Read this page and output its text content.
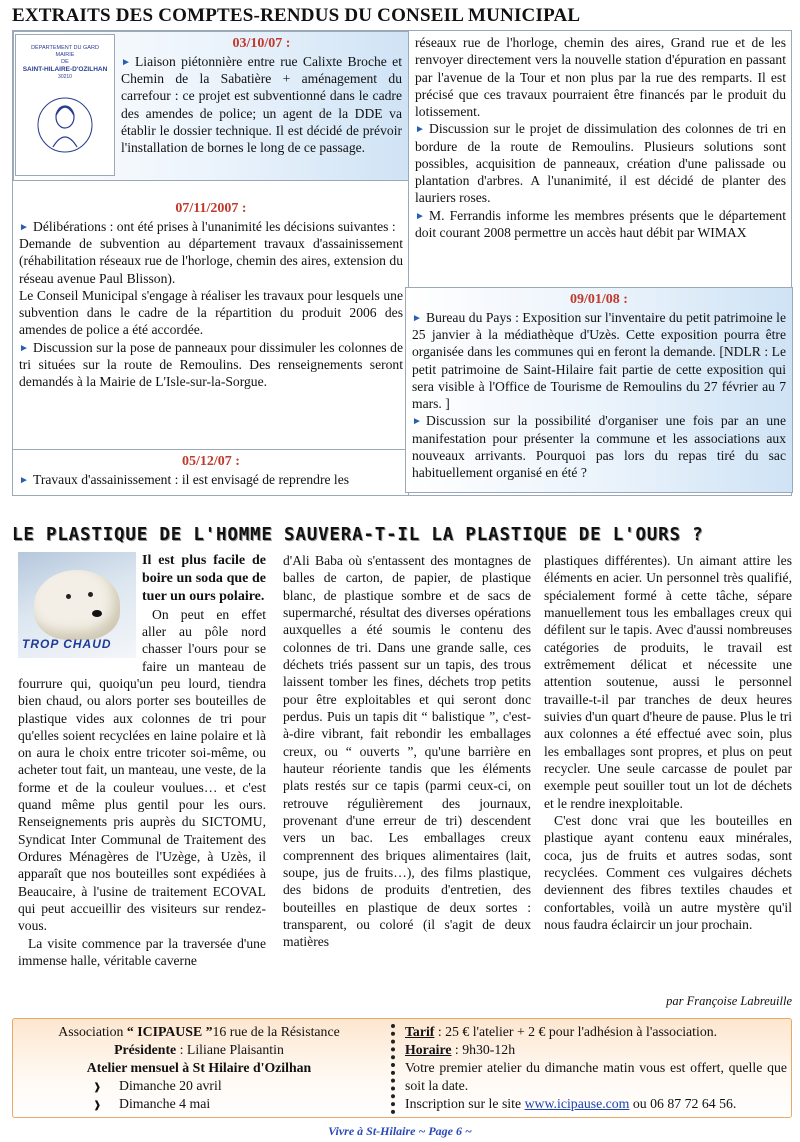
EXTRAITS DES COMPTES-RENDUS DU CONSEIL MUNICIPAL
DÉPARTEMENT DU GARD
MAIRIE
DE
SAINT-HILAIRE-D'OZILHAN
30210
03/10/07 :

► Liaison piétonnière entre rue Calixte Broche et Chemin de la Sabatière + aménagement du carrefour : ce projet est subventionné dans le cadre des amendes de police; un agent de la DDE va établir le dossier technique. Il est décidé de prévoir l'installation de bornes le long de ce passage.

07/11/2007 :

► Délibérations : ont été prises à l'unanimité les décisions suivantes :

Demande de subvention au département travaux d'assainissement (réhabilitation réseaux rue de l'horloge, chemin des aires, extension du réseau avenue Paul Blisson).

Le Conseil Municipal s'engage à réaliser les travaux pour lesquels une subvention dans le cadre de la répartition du produit 2006 des amendes de police a été accordée.

► Discussion sur la pose de panneaux pour dissimuler les colonnes de tri situées sur la route de Remoulins. Des renseignements seront demandés à la Mairie de L'Isle-sur-la-Sorgue.

05/12/07 :

► Travaux d'assainissement : il est envisagé de reprendre les

réseaux rue de l'horloge, chemin des aires, Grand rue et de les renvoyer directement vers la nouvelle station d'épuration en passant par l'avenue de la Tour et non plus par la rue des remparts. Il est précisé que ces travaux pourraient être financés par le produit du lotissement.

► Discussion sur le projet de dissimulation des colonnes de tri en bordure de la route de Remoulins. Plusieurs solutions sont possibles, acquisition de panneaux, création d'une palissade ou plantation d'arbres. A l'unanimité, il est décidé de planter des lauriers roses.

► M. Ferrandis informe les membres présents que le département doit courant 2008 permettre un accès haut débit par WIMAX

09/01/08 :

► Bureau du Pays : Exposition sur l'inventaire du petit patrimoine le 25 janvier à la médiathèque d'Uzès. Cette exposition pourra être organisée dans les communes qui en feront la demande. [NDLR : Le petit patrimoine de Saint-Hilaire fait partie de cette exposition qui sera visible à l'Office de Tourisme de Remoulins du 27 février au 7 mars. ]

► Discussion sur la possibilité d'organiser une fois par an une manifestation pour présenter la commune et les associations aux nouveaux arrivants. Pourquoi pas lors du repas tiré du sac habituellement organisé en été ?

LE PLASTIQUE DE L'HOMME SAUVERA-T-IL LA PLASTIQUE DE L'OURS ?
TROP CHAUD

Il est plus facile de boire un soda que de tuer un ours polaire.

On peut en effet aller au pôle nord chasser l'ours pour se faire un manteau de fourrure qui, quoiqu'un peu lourd, tiendra bien chaud, ou alors porter ses bouteilles de plastique vides aux colonnes de tri pour qu'elles soient recyclées en laine polaire et là on aura le choix entre tricoter soi-même, ou acheter tout fait, un manteau, une veste, de la forme et de la couleur voulues… et c'est quand même plus gentil pour les ours. Renseignements pris auprès du SICTOMU, Syndicat Inter Communal de Traitement des Ordures Ménagères de l'Uzège, à Uzès, il apparaît que nos bouteilles sont expédiées à Beaucaire, à l'usine de traitement ECOVAL qui peut accueillir des visiteurs sur rendez-vous.

La visite commence par la traversée d'une immense halle, véritable caverne

d'Ali Baba où s'entassent des montagnes de balles de carton, de papier, de plastique blanc, de plastique sombre et de sacs de supermarché, résultat des diverses opérations auxquelles a été soumis le contenu des colonnes de tri. Dans une grande salle, ces déchets triés passent sur un tapis, des trous laissent tomber les fines, déchets trop petits pour être exploitables et qui seront donc perdus. Puis un tapis dit “ balistique ”, c'est-à-dire vibrant, fait rebondir les emballages creux, ou “ ouverts ”, qu'une barrière en hauteur réoriente tandis que les éléments plats restés sur ce tapis (parmi ceux-ci, on retrouve régulièrement des journaux, provenant d'une erreur de tri) descendent vers un bac. Les emballages creux comprennent des briques alimentaires (lait, soupe, jus de fruits…), des films plastique, des bidons de produits d'entretien, des bouteilles en plastique de deux sortes : transparent, ou coloré (il s'agit de deux matières

plastiques différentes). Un aimant attire les éléments en acier. Un personnel très qualifié, spécialement formé à cette tâche, sépare manuellement tous les emballages creux qui défilent sur le tapis. Avec d'aussi nombreuses catégories de produits, le travail est extrêmement délicat et nécessite une attention soutenue, aussi le personnel travaille-t-il par tranches de deux heures suivies d'un quart d'heure de pause. Plus le tri aux colonnes a été effectué avec soin, plus les emballages sont propres, et plus on peut recycler. Une seule carcasse de poulet par exemple peut souiller tout un lot de déchets et le rendre inexploitable.

C'est donc vrai que les bouteilles en plastique ayant contenu eaux minérales, coca, jus de fruits et autres sodas, sont recyclées. Comment ces vulgaires déchets deviennent des fibres textiles chaudes et confortables, voilà un autre mystère qu'il nous faudra éclaircir un jour prochain.

par Françoise Labreuille
Association “ ICIPAUSE ”16 rue de la Résistance
Présidente : Liliane Plaisantin
Atelier mensuel à St Hilaire d'Ozilhan
❱ Dimanche 20 avril
❱ Dimanche 4 mai
Tarif : 25 € l'atelier + 2 € pour l'adhésion à l'association.
Horaire : 9h30-12h
Votre premier atelier du dimanche matin vous est offert, quelle que soit la date.
Inscription sur le site www.icipause.com ou 06 87 72 64 56.
Vivre à St-Hilaire ~ Page 6 ~
